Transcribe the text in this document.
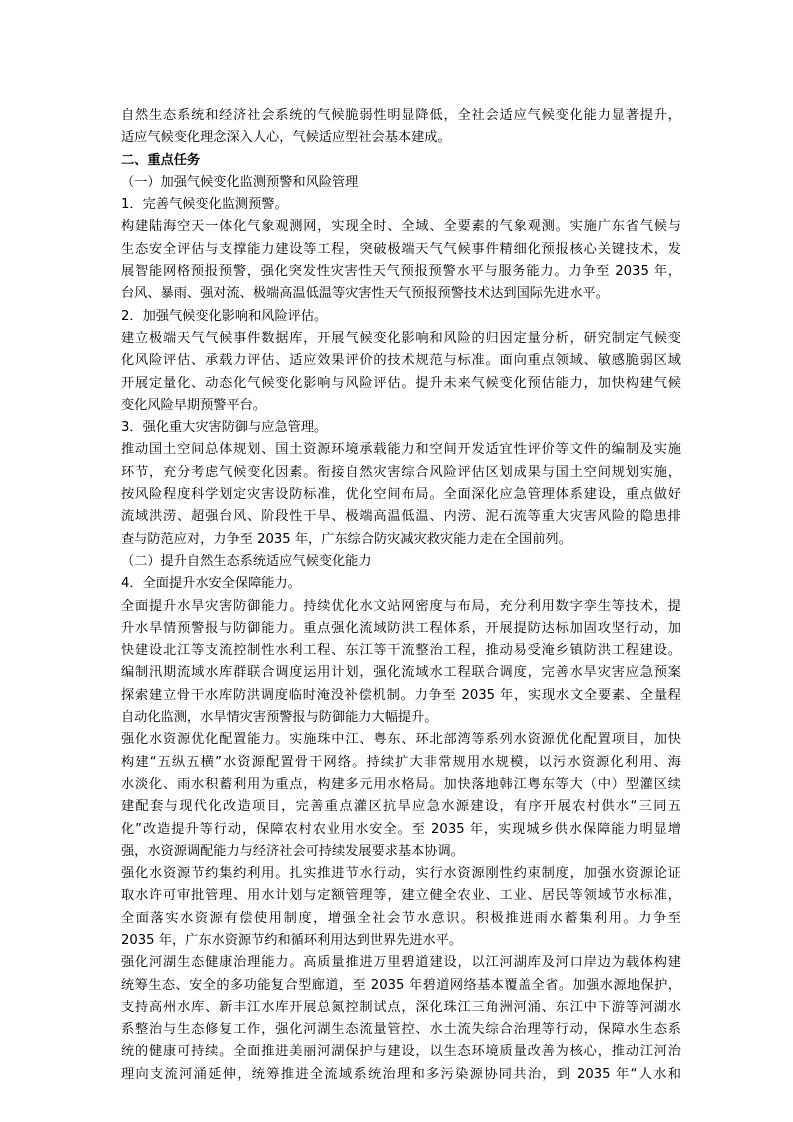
自然生态系统和经济社会系统的气候脆弱性明显降低，全社会适应气候变化能力显著提升，
适应气候变化理念深入人心，气候适应型社会基本建成。
二、重点任务
（一）加强气候变化监测预警和风险管理
1．完善气候变化监测预警。
构建陆海空天一体化气象观测网，实现全时、全域、全要素的气象观测。实施广东省气候与
生态安全评估与支撑能力建设等工程，突破极端天气气候事件精细化预报核心关键技术，发
展智能网格预报预警，强化突发性灾害性天气预报预警水平与服务能力。力争至 2035 年，
台风、暴雨、强对流、极端高温低温等灾害性天气预报预警技术达到国际先进水平。
2．加强气候变化影响和风险评估。
建立极端天气气候事件数据库，开展气候变化影响和风险的归因定量分析，研究制定气候变
化风险评估、承载力评估、适应效果评价的技术规范与标准。面向重点领域、敏感脆弱区域
开展定量化、动态化气候变化影响与风险评估。提升未来气候变化预估能力，加快构建气候
变化风险早期预警平台。
3．强化重大灾害防御与应急管理。
推动国土空间总体规划、国土资源环境承载能力和空间开发适宜性评价等文件的编制及实施
环节，充分考虑气候变化因素。衔接自然灾害综合风险评估区划成果与国土空间规划实施，
按风险程度科学划定灾害设防标准，优化空间布局。全面深化应急管理体系建设，重点做好
流域洪涝、超强台风、阶段性干旱、极端高温低温、内涝、泥石流等重大灾害风险的隐患排
查与防范应对，力争至 2035 年，广东综合防灾减灾救灾能力走在全国前列。
（二）提升自然生态系统适应气候变化能力
4．全面提升水安全保障能力。
全面提升水旱灾害防御能力。持续优化水文站网密度与布局，充分利用数字孪生等技术，提
升水旱情预警报与防御能力。重点强化流域防洪工程体系，开展提防达标加固攻坚行动，加
快建设北江等支流控制性水利工程、东江等干流整治工程，推动易受淹乡镇防洪工程建设。
编制汛期流域水库群联合调度运用计划，强化流域水工程联合调度，完善水旱灾害应急预案
探索建立骨干水库防洪调度临时淹没补偿机制。力争至 2035 年，实现水文全要素、全量程
自动化监测，水旱情灾害预警报与防御能力大幅提升。
强化水资源优化配置能力。实施珠中江、粤东、环北部湾等系列水资源优化配置项目，加快
构建“五纵五横”水资源配置骨干网络。持续扩大非常规用水规模，以污水资源化利用、海
水淡化、雨水积蓄利用为重点，构建多元用水格局。加快落地韩江粤东等大（中）型灌区续
建配套与现代化改造项目，完善重点灌区抗旱应急水源建设，有序开展农村供水“三同五
化”改造提升等行动，保障农村农业用水安全。至 2035 年，实现城乡供水保障能力明显增
强，水资源调配能力与经济社会可持续发展要求基本协调。
强化水资源节约集约利用。扎实推进节水行动，实行水资源刚性约束制度，加强水资源论证
取水许可审批管理、用水计划与定额管理等，建立健全农业、工业、居民等领域节水标准，
全面落实水资源有偿使用制度，增强全社会节水意识。积极推进雨水蓄集利用。力争至
2035 年，广东水资源节约和循环利用达到世界先进水平。
强化河湖生态健康治理能力。高质量推进万里碧道建设，以江河湖库及河口岸边为载体构建
统筹生态、安全的多功能复合型廊道，至 2035 年碧道网络基本覆盖全省。加强水源地保护，
支持高州水库、新丰江水库开展总氮控制试点，深化珠江三角洲河涌、东江中下游等河湖水
系整治与生态修复工作，强化河湖生态流量管控、水土流失综合治理等行动，保障水生态系
统的健康可持续。全面推进美丽河湖保护与建设，以生态环境质量改善为核心，推动江河治
理向支流河涌延伸，统筹推进全流域系统治理和多污染源协同共治，到 2035 年“人水和
